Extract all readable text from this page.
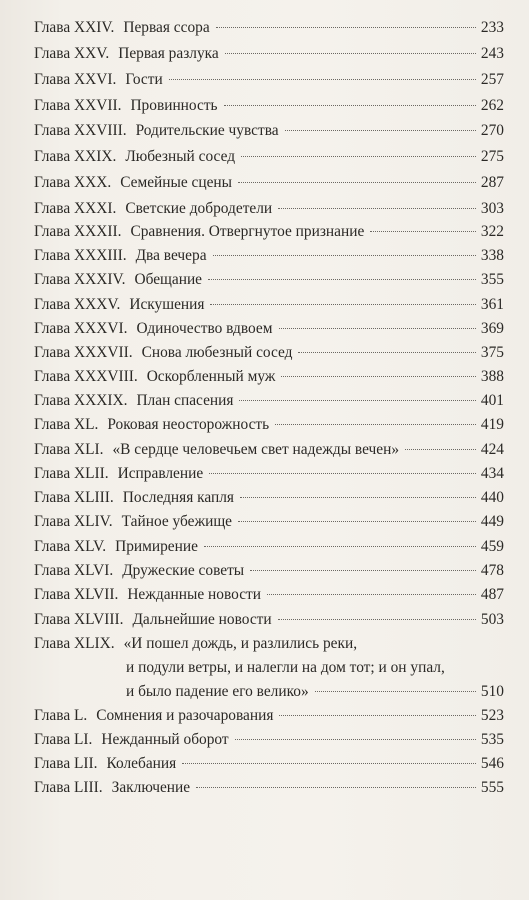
Глава XXIV. Первая ссора	233
Глава XXV. Первая разлука	243
Глава XXVI. Гости	257
Глава XXVII. Провинность	262
Глава XXVIII. Родительские чувства	270
Глава XXIX. Любезный сосед	275
Глава XXX. Семейные сцены	287
Глава XXXI. Светские добродетели	303
Глава XXXII. Сравнения. Отвергнутое признание	322
Глава XXXIII. Два вечера	338
Глава XXXIV. Обещание	355
Глава XXXV. Искушения	361
Глава XXXVI. Одиночество вдвоем	369
Глава XXXVII. Снова любезный сосед	375
Глава XXXVIII. Оскорбленный муж	388
Глава XXXIX. План спасения	401
Глава XL. Роковая неосторожность	419
Глава XLI. «В сердце человечьем свет надежды вечен»	424
Глава XLII. Исправление	434
Глава XLIII. Последняя капля	440
Глава XLIV. Тайное убежище	449
Глава XLV. Примирение	459
Глава XLVI. Дружеские советы	478
Глава XLVII. Нежданные новости	487
Глава XLVIII. Дальнейшие новости	503
Глава XLIX. «И пошел дождь, и разлились реки,
и подули ветры, и налегли на дом тот; и он упал,
и было падение его велико»	510
Глава L. Сомнения и разочарования	523
Глава LI. Нежданный оборот	535
Глава LII. Колебания	546
Глава LIII. Заключение	555
